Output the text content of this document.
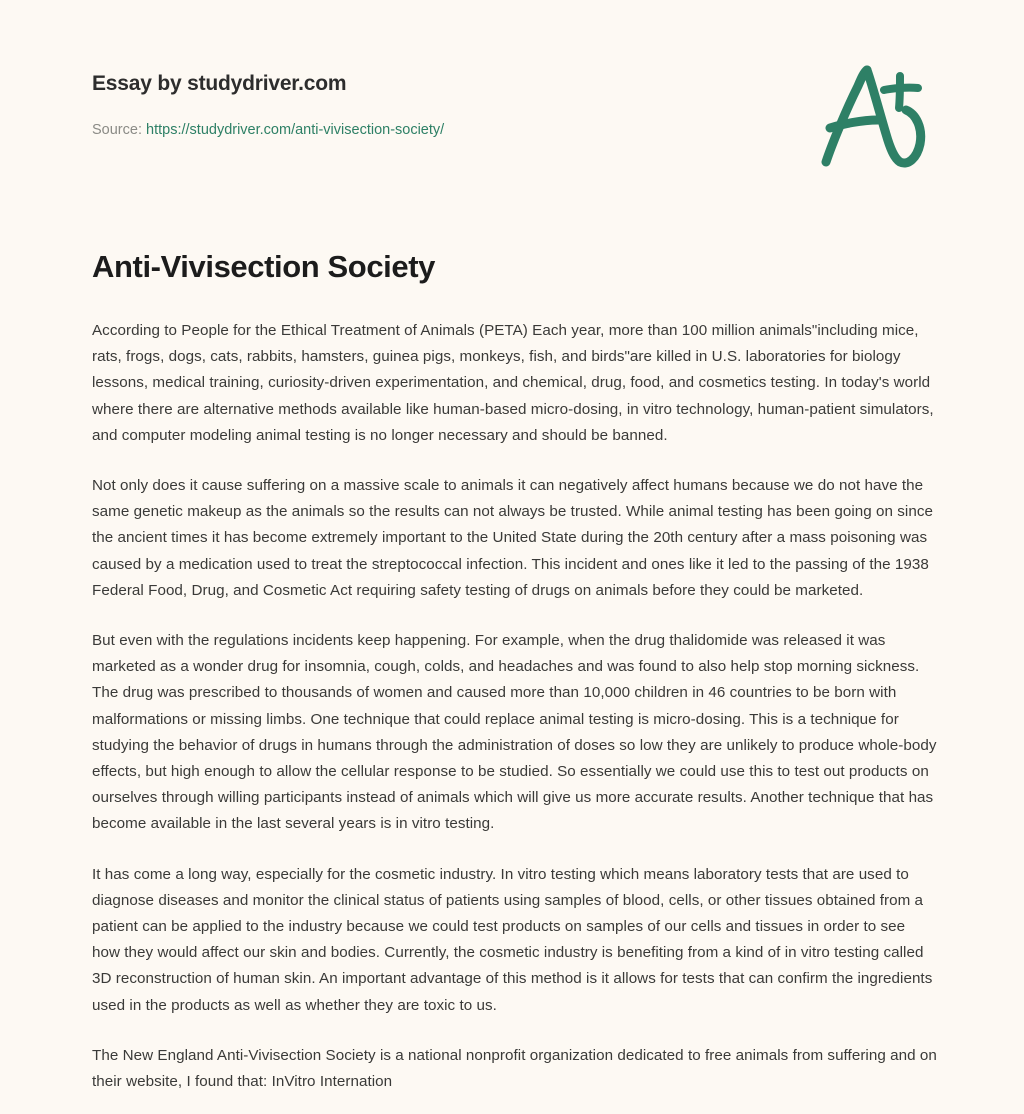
Essay by studydriver.com
Source: https://studydriver.com/anti-vivisection-society/
Anti-Vivisection Society

According to People for the Ethical Treatment of Animals (PETA) Each year, more than 100 million animals"including mice, rats, frogs, dogs, cats, rabbits, hamsters, guinea pigs, monkeys, fish, and birds"are killed in U.S. laboratories for biology lessons, medical training, curiosity-driven experimentation, and chemical, drug, food, and cosmetics testing. In today's world where there are alternative methods available like human-based micro-dosing, in vitro technology, human-patient simulators, and computer modeling animal testing is no longer necessary and should be banned.

Not only does it cause suffering on a massive scale to animals it can negatively affect humans because we do not have the same genetic makeup as the animals so the results can not always be trusted. While animal testing has been going on since the ancient times it has become extremely important to the United State during the 20th century after a mass poisoning was caused by a medication used to treat the streptococcal infection. This incident and ones like it led to the passing of the 1938 Federal Food, Drug, and Cosmetic Act requiring safety testing of drugs on animals before they could be marketed.

But even with the regulations incidents keep happening. For example, when the drug thalidomide was released it was marketed as a wonder drug for insomnia, cough, colds, and headaches and was found to also help stop morning sickness. The drug was prescribed to thousands of women and caused more than 10,000 children in 46 countries to be born with malformations or missing limbs. One technique that could replace animal testing is micro-dosing. This is a technique for studying the behavior of drugs in humans through the administration of doses so low they are unlikely to produce whole-body effects, but high enough to allow the cellular response to be studied. So essentially we could use this to test out products on ourselves through willing participants instead of animals which will give us more accurate results. Another technique that has become available in the last several years is in vitro testing.

It has come a long way, especially for the cosmetic industry. In vitro testing which means laboratory tests that are used to diagnose diseases and monitor the clinical status of patients using samples of blood, cells, or other tissues obtained from a patient can be applied to the industry because we could test products on samples of our cells and tissues in order to see how they would affect our skin and bodies. Currently, the cosmetic industry is benefiting from a kind of in vitro testing called 3D reconstruction of human skin. An important advantage of this method is it allows for tests that can confirm the ingredients used in the products as well as whether they are toxic to us.

The New England Anti-Vivisection Society is a national nonprofit organization dedicated to free animals from suffering and on their website, I found that: InVitro Internation
